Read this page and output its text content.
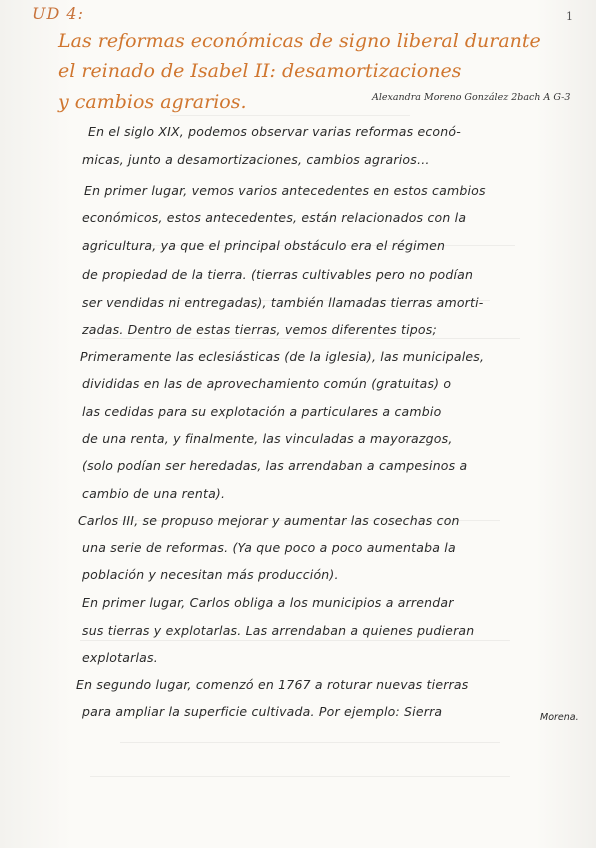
UD 4:	1
Las reformas económicas de signo liberal durante
el reinado de Isabel II: desamortizaciones
y cambios agrarios.	Alexandra Moreno González 2bach A G-3
En el siglo XIX, podemos observar varias reformas econó-
micas, junto a desamortizaciones, cambios agrarios…
En primer lugar, vemos varios antecedentes en estos cambios
económicos, estos antecedentes, están relacionados con la
agricultura, ya que el principal obstáculo era el régimen
de propiedad de la tierra. (tierras cultivables pero no podían
ser vendidas ni entregadas), también llamadas tierras amorti-
zadas. Dentro de estas tierras, vemos diferentes tipos;
Primeramente las eclesiásticas (de la iglesia), las municipales,
divididas en las de aprovechamiento común (gratuitas) o
las cedidas para su explotación a particulares a cambio
de una renta, y finalmente, las vinculadas a mayorazgos,
(solo podían ser heredadas, las arrendaban a campesinos a
cambio de una renta).
Carlos III, se propuso mejorar y aumentar las cosechas con
una serie de reformas. (Ya que poco a poco aumentaba la
población y necesitan más producción).
En primer lugar, Carlos obliga a los municipios a arrendar
sus tierras y explotarlas. Las arrendaban a quienes pudieran
explotarlas.
En segundo lugar, comenzó en 1767 a roturar nuevas tierras
para ampliar la superficie cultivada. Por ejemplo: Sierra	Morena.
